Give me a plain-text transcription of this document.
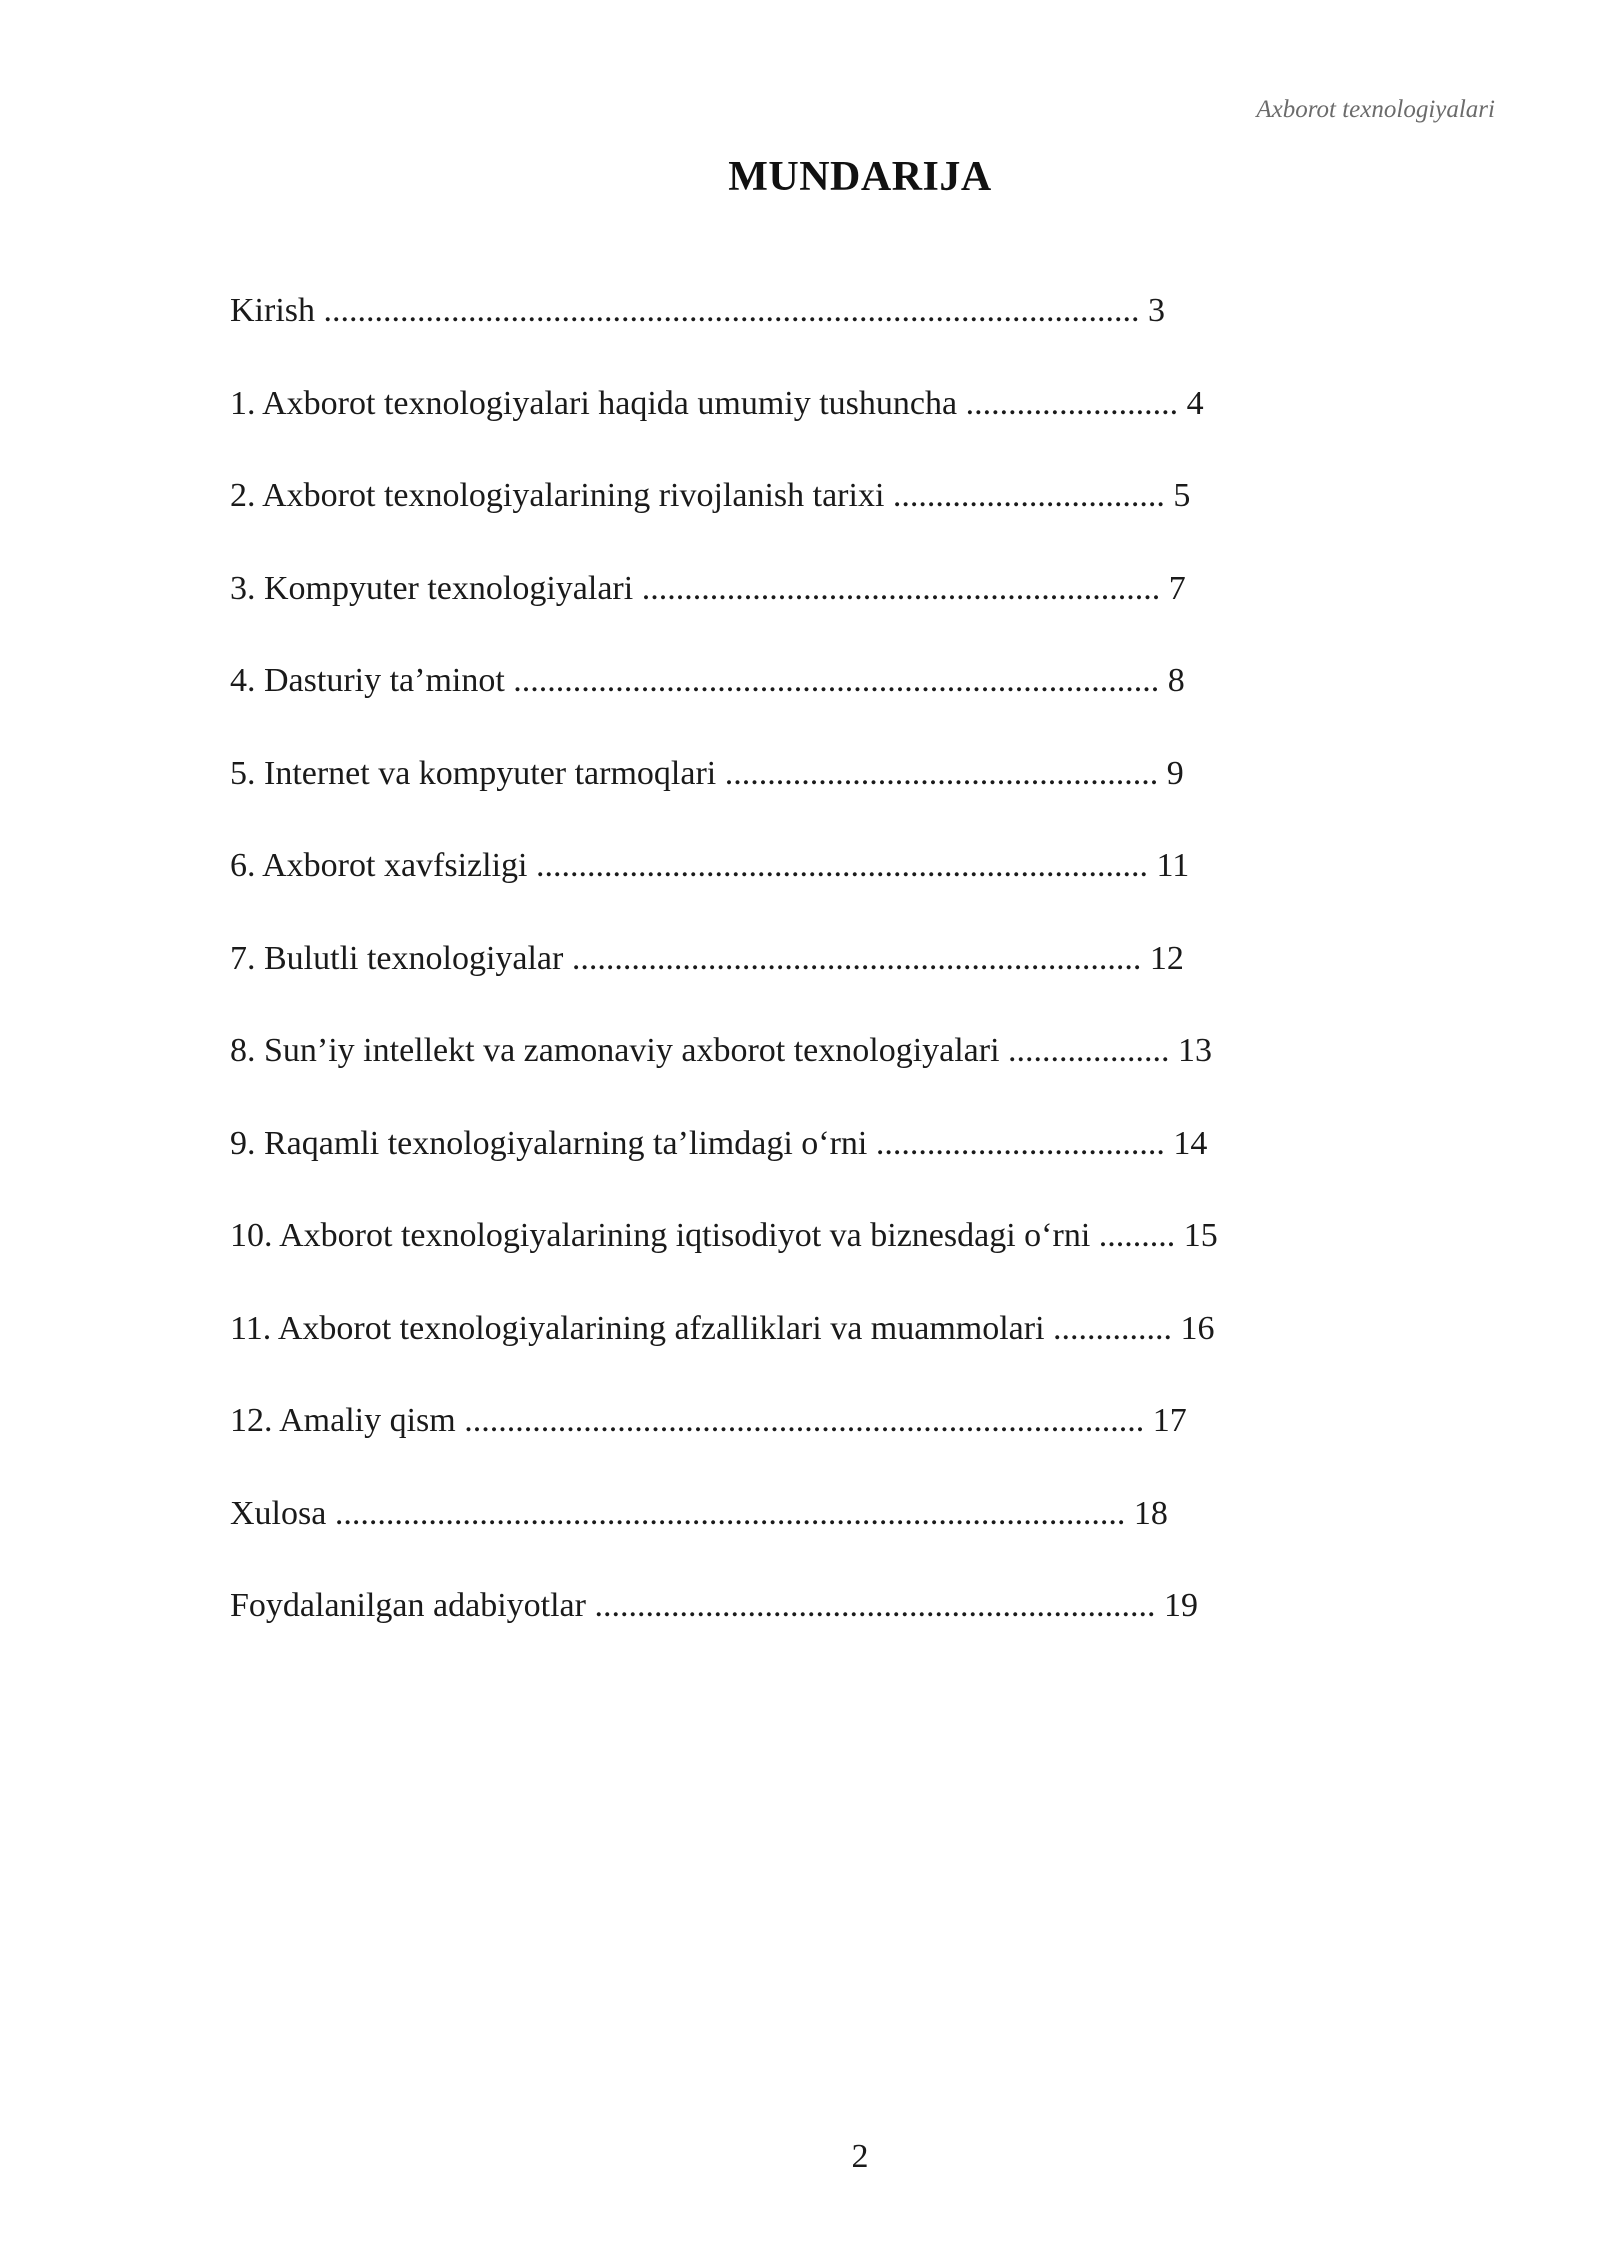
Axborot texnologiyalari
MUNDARIJA
Kirish ................................................................................................ 3
1. Axborot texnologiyalari haqida umumiy tushuncha ......................... 4
2. Axborot texnologiyalarining rivojlanish tarixi ................................ 5
3. Kompyuter texnologiyalari ............................................................. 7
4. Dasturiy ta’minot ............................................................................ 8
5. Internet va kompyuter tarmoqlari ................................................... 9
6. Axborot xavfsizligi ........................................................................ 11
7. Bulutli texnologiyalar ................................................................... 12
8. Sun’iy intellekt va zamonaviy axborot texnologiyalari ................... 13
9. Raqamli texnologiyalarning ta’limdagi o‘rni .................................. 14
10. Axborot texnologiyalarining iqtisodiyot va biznesdagi o‘rni ......... 15
11. Axborot texnologiyalarining afzalliklari va muammolari .............. 16
12. Amaliy qism ................................................................................ 17
Xulosa ............................................................................................. 18
Foydalanilgan adabiyotlar .................................................................. 19
2
